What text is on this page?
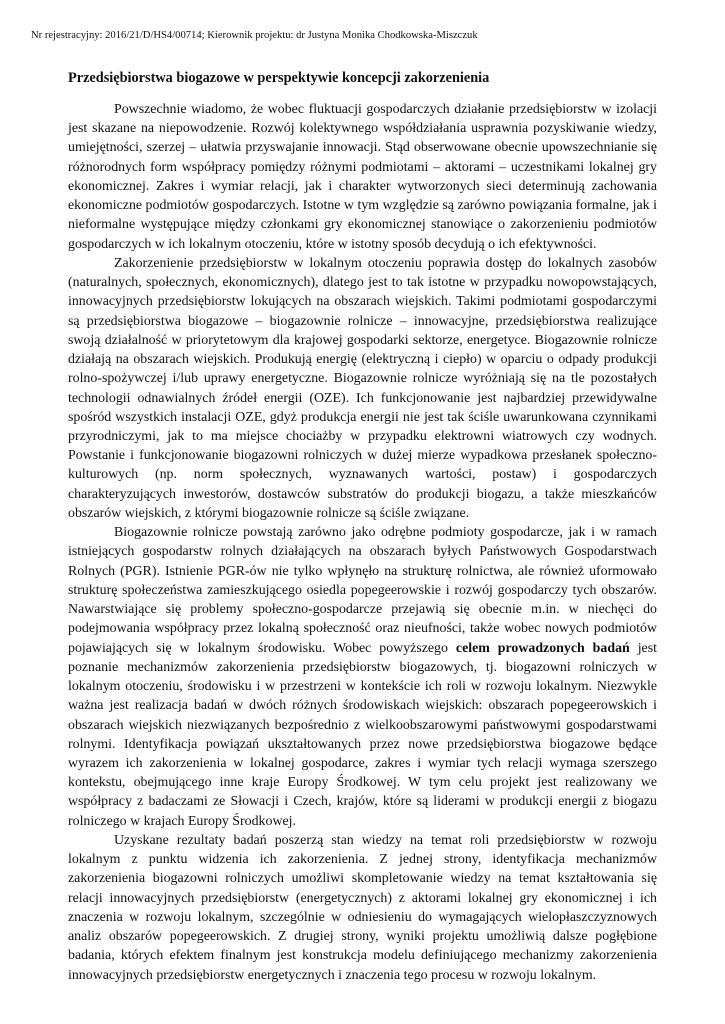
Nr rejestracyjny: 2016/21/D/HS4/00714; Kierownik projektu: dr Justyna Monika Chodkowska-Miszczuk
Przedsiębiorstwa biogazowe w perspektywie koncepcji zakorzenienia

Powszechnie wiadomo, że wobec fluktuacji gospodarczych działanie przedsiębiorstw w izolacji jest skazane na niepowodzenie. Rozwój kolektywnego współdziałania usprawnia pozyskiwanie wiedzy, umiejętności, szerzej – ułatwia przyswajanie innowacji. Stąd obserwowane obecnie upowszechnianie się różnorodnych form współpracy pomiędzy różnymi podmiotami – aktorami – uczestnikami lokalnej gry ekonomicznej. Zakres i wymiar relacji, jak i charakter wytworzonych sieci determinują zachowania ekonomiczne podmiotów gospodarczych. Istotne w tym względzie są zarówno powiązania formalne, jak i nieformalne występujące między członkami gry ekonomicznej stanowiące o zakorzenieniu podmiotów gospodarczych w ich lokalnym otoczeniu, które w istotny sposób decydują o ich efektywności.

Zakorzenienie przedsiębiorstw w lokalnym otoczeniu poprawia dostęp do lokalnych zasobów (naturalnych, społecznych, ekonomicznych), dlatego jest to tak istotne w przypadku nowopowstających, innowacyjnych przedsiębiorstw lokujących na obszarach wiejskich. Takimi podmiotami gospodarczymi są przedsiębiorstwa biogazowe – biogazownie rolnicze – innowacyjne, przedsiębiorstwa realizujące swoją działalność w priorytetowym dla krajowej gospodarki sektorze, energetyce. Biogazownie rolnicze działają na obszarach wiejskich. Produkują energię (elektryczną i ciepło) w oparciu o odpady produkcji rolno-spożywczej i/lub uprawy energetyczne. Biogazownie rolnicze wyróżniają się na tle pozostałych technologii odnawialnych źródeł energii (OZE). Ich funkcjonowanie jest najbardziej przewidywalne spośród wszystkich instalacji OZE, gdyż produkcja energii nie jest tak ściśle uwarunkowana czynnikami przyrodniczymi, jak to ma miejsce chociażby w przypadku elektrowni wiatrowych czy wodnych. Powstanie i funkcjonowanie biogazowni rolniczych w dużej mierze wypadkowa przesłanek społeczno-kulturowych (np. norm społecznych, wyznawanych wartości, postaw) i gospodarczych charakteryzujących inwestorów, dostawców substratów do produkcji biogazu, a także mieszkańców obszarów wiejskich, z którymi biogazownie rolnicze są ściśle związane.

Biogazownie rolnicze powstają zarówno jako odrębne podmioty gospodarcze, jak i w ramach istniejących gospodarstw rolnych działających na obszarach byłych Państwowych Gospodarstwach Rolnych (PGR). Istnienie PGR-ów nie tylko wpłynęło na strukturę rolnictwa, ale również uformowało strukturę społeczeństwa zamieszkującego osiedla popegeerowskie i rozwój gospodarczy tych obszarów. Nawarstwiające się problemy społeczno-gospodarcze przejawią się obecnie m.in. w niechęci do podejmowania współpracy przez lokalną społeczność oraz nieufności, także wobec nowych podmiotów pojawiających się w lokalnym środowisku. Wobec powyższego celem prowadzonych badań jest poznanie mechanizmów zakorzenienia przedsiębiorstw biogazowych, tj. biogazowni rolniczych w lokalnym otoczeniu, środowisku i w przestrzeni w kontekście ich roli w rozwoju lokalnym. Niezwykle ważna jest realizacja badań w dwóch różnych środowiskach wiejskich: obszarach popegeerowskich i obszarach wiejskich niezwiązanych bezpośrednio z wielkoobszarowymi państwowymi gospodarstwami rolnymi. Identyfikacja powiązań ukształtowanych przez nowe przedsiębiorstwa biogazowe będące wyrazem ich zakorzenienia w lokalnej gospodarce, zakres i wymiar tych relacji wymaga szerszego kontekstu, obejmującego inne kraje Europy Środkowej. W tym celu projekt jest realizowany we współpracy z badaczami ze Słowacji i Czech, krajów, które są liderami w produkcji energii z biogazu rolniczego w krajach Europy Środkowej.

Uzyskane rezultaty badań poszerzą stan wiedzy na temat roli przedsiębiorstw w rozwoju lokalnym z punktu widzenia ich zakorzenienia. Z jednej strony, identyfikacja mechanizmów zakorzenienia biogazowni rolniczych umożliwi skompletowanie wiedzy na temat kształtowania się relacji innowacyjnych przedsiębiorstw (energetycznych) z aktorami lokalnej gry ekonomicznej i ich znaczenia w rozwoju lokalnym, szczególnie w odniesieniu do wymagających wielopłaszczyznowych analiz obszarów popegeerowskich. Z drugiej strony, wyniki projektu umożliwią dalsze pogłębione badania, których efektem finalnym jest konstrukcja modelu definiującego mechanizmy zakorzenienia innowacyjnych przedsiębiorstw energetycznych i znaczenia tego procesu w rozwoju lokalnym.
